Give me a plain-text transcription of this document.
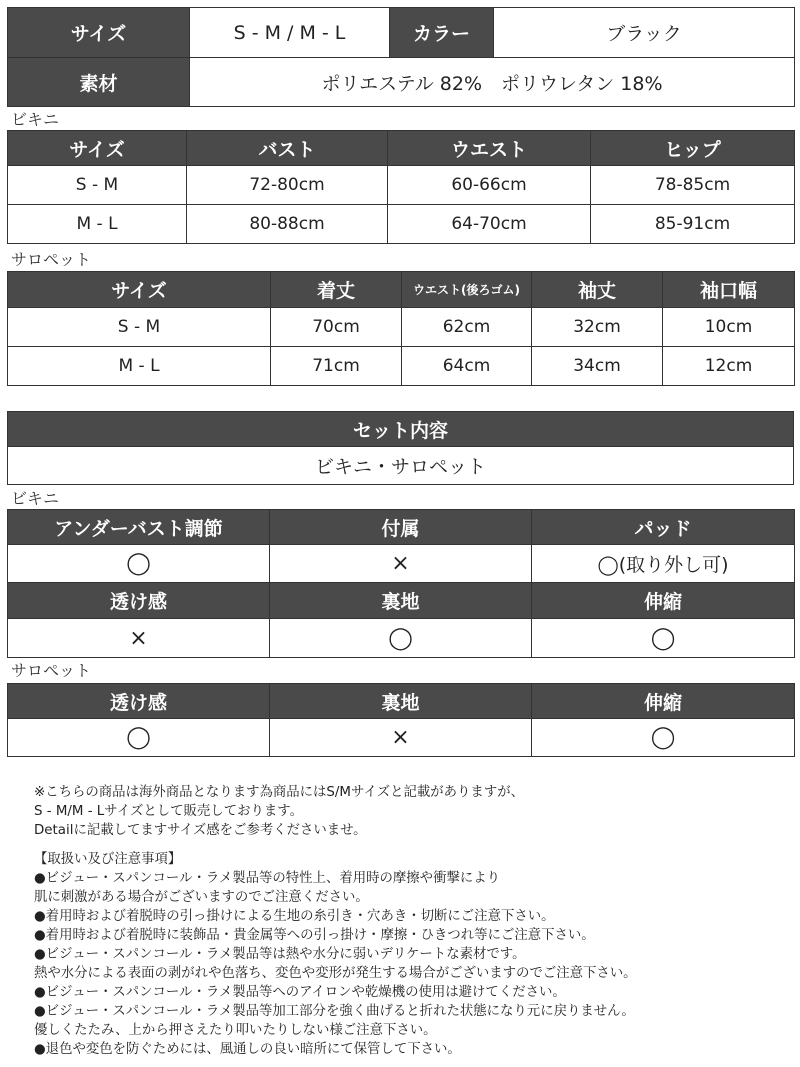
サイズ	S - M / M - L	カラー	ブラック
素材	ポリエステル 82%　ポリウレタン 18%		
ビキニ
サイズ	バスト	ウエスト	ヒップ
S - M	72-80cm	60-66cm	78-85cm
M - L	80-88cm	64-70cm	85-91cm
サロペット
サイズ	着丈	ウエスト(後ろゴム)	袖丈	袖口幅
S - M	70cm	62cm	32cm	10cm
M - L	71cm	64cm	34cm	12cm
セット内容
ビキニ・サロペット
ビキニ
アンダーバスト調節	付属	パッド
◯	×	◯(取り外し可)
透け感	裏地	伸縮
×	◯	◯
サロペット
透け感	裏地	伸縮
◯	×	◯
※こちらの商品は海外商品となります為商品にはS/Mサイズと記載がありますが、
S - M/M - Lサイズとして販売しております。
Detailに記載してますサイズ感をご参考くださいませ。
【取扱い及び注意事項】
●ビジュー・スパンコール・ラメ製品等の特性上、着用時の摩擦や衝撃により
肌に刺激がある場合がございますのでご注意ください。
●着用時および着脱時の引っ掛けによる生地の糸引き・穴あき・切断にご注意下さい。
●着用時および着脱時に装飾品・貴金属等への引っ掛け・摩擦・ひきつれ等にご注意下さい。
●ビジュー・スパンコール・ラメ製品等は熱や水分に弱いデリケートな素材です。
熱や水分による表面の剥がれや色落ち、変色や変形が発生する場合がございますのでご注意下さい。
●ビジュー・スパンコール・ラメ製品等へのアイロンや乾燥機の使用は避けてください。
●ビジュー・スパンコール・ラメ製品等加工部分を強く曲げると折れた状態になり元に戻りません。
優しくたたみ、上から押さえたり叩いたりしない様ご注意下さい。
●退色や変色を防ぐためには、風通しの良い暗所にて保管して下さい。
